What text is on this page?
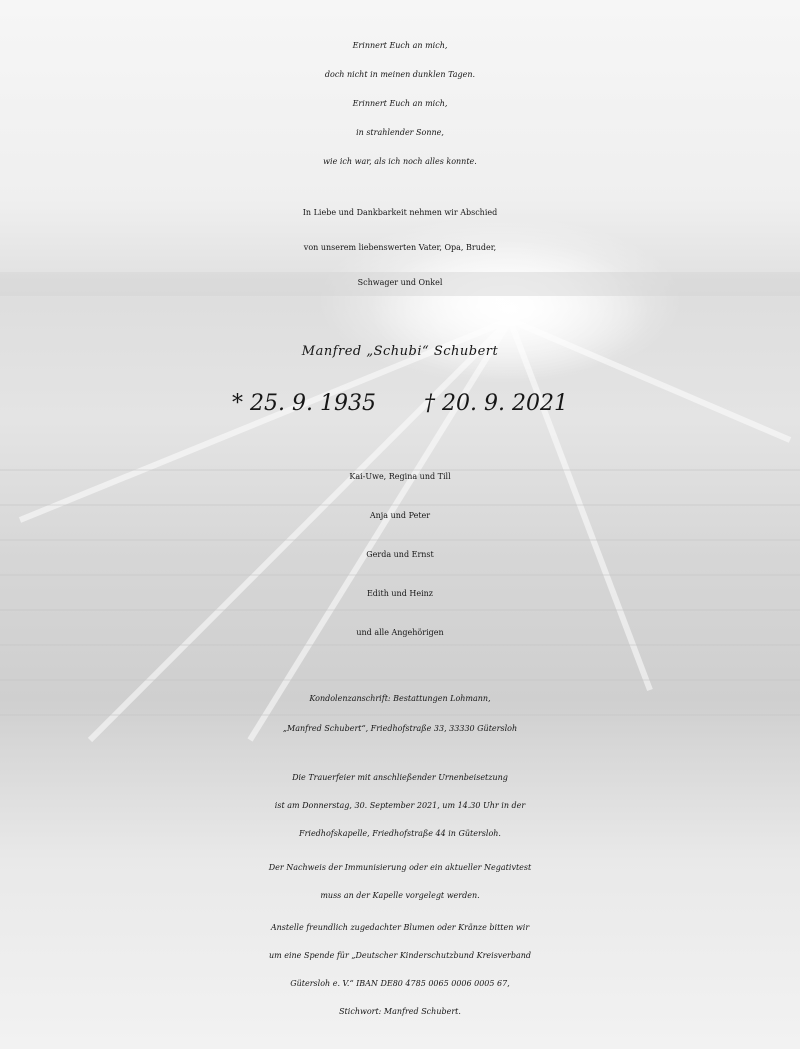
Erinnert Euch an mich,
doch nicht in meinen dunklen Tagen.
Erinnert Euch an mich,
in strahlender Sonne,
wie ich war, als ich noch alles konnte.
In Liebe und Dankbarkeit nehmen wir Abschied
von unserem liebenswerten Vater, Opa, Bruder,
Schwager und Onkel
Manfred „Schubi“ Schubert
* 25. 9. 1935 † 20. 9. 2021
Kai-Uwe, Regina und Till
Anja und Peter
Gerda und Ernst
Edith und Heinz
und alle Angehörigen
Kondolenzanschrift: Bestattungen Lohmann,
„Manfred Schubert“, Friedhofstraße 33, 33330 Gütersloh
Die Trauerfeier mit anschließender Urnenbeisetzung
ist am Donnerstag, 30. September 2021, um 14.30 Uhr in der
Friedhofskapelle, Friedhofstraße 44 in Gütersloh.
Der Nachweis der Immunisierung oder ein aktueller Negativtest
muss an der Kapelle vorgelegt werden.
Anstelle freundlich zugedachter Blumen oder Kränze bitten wir
um eine Spende für „Deutscher Kinderschutzbund Kreisverband
Gütersloh e. V.“ IBAN DE80 4785 0065 0006 0005 67,
Stichwort: Manfred Schubert.
